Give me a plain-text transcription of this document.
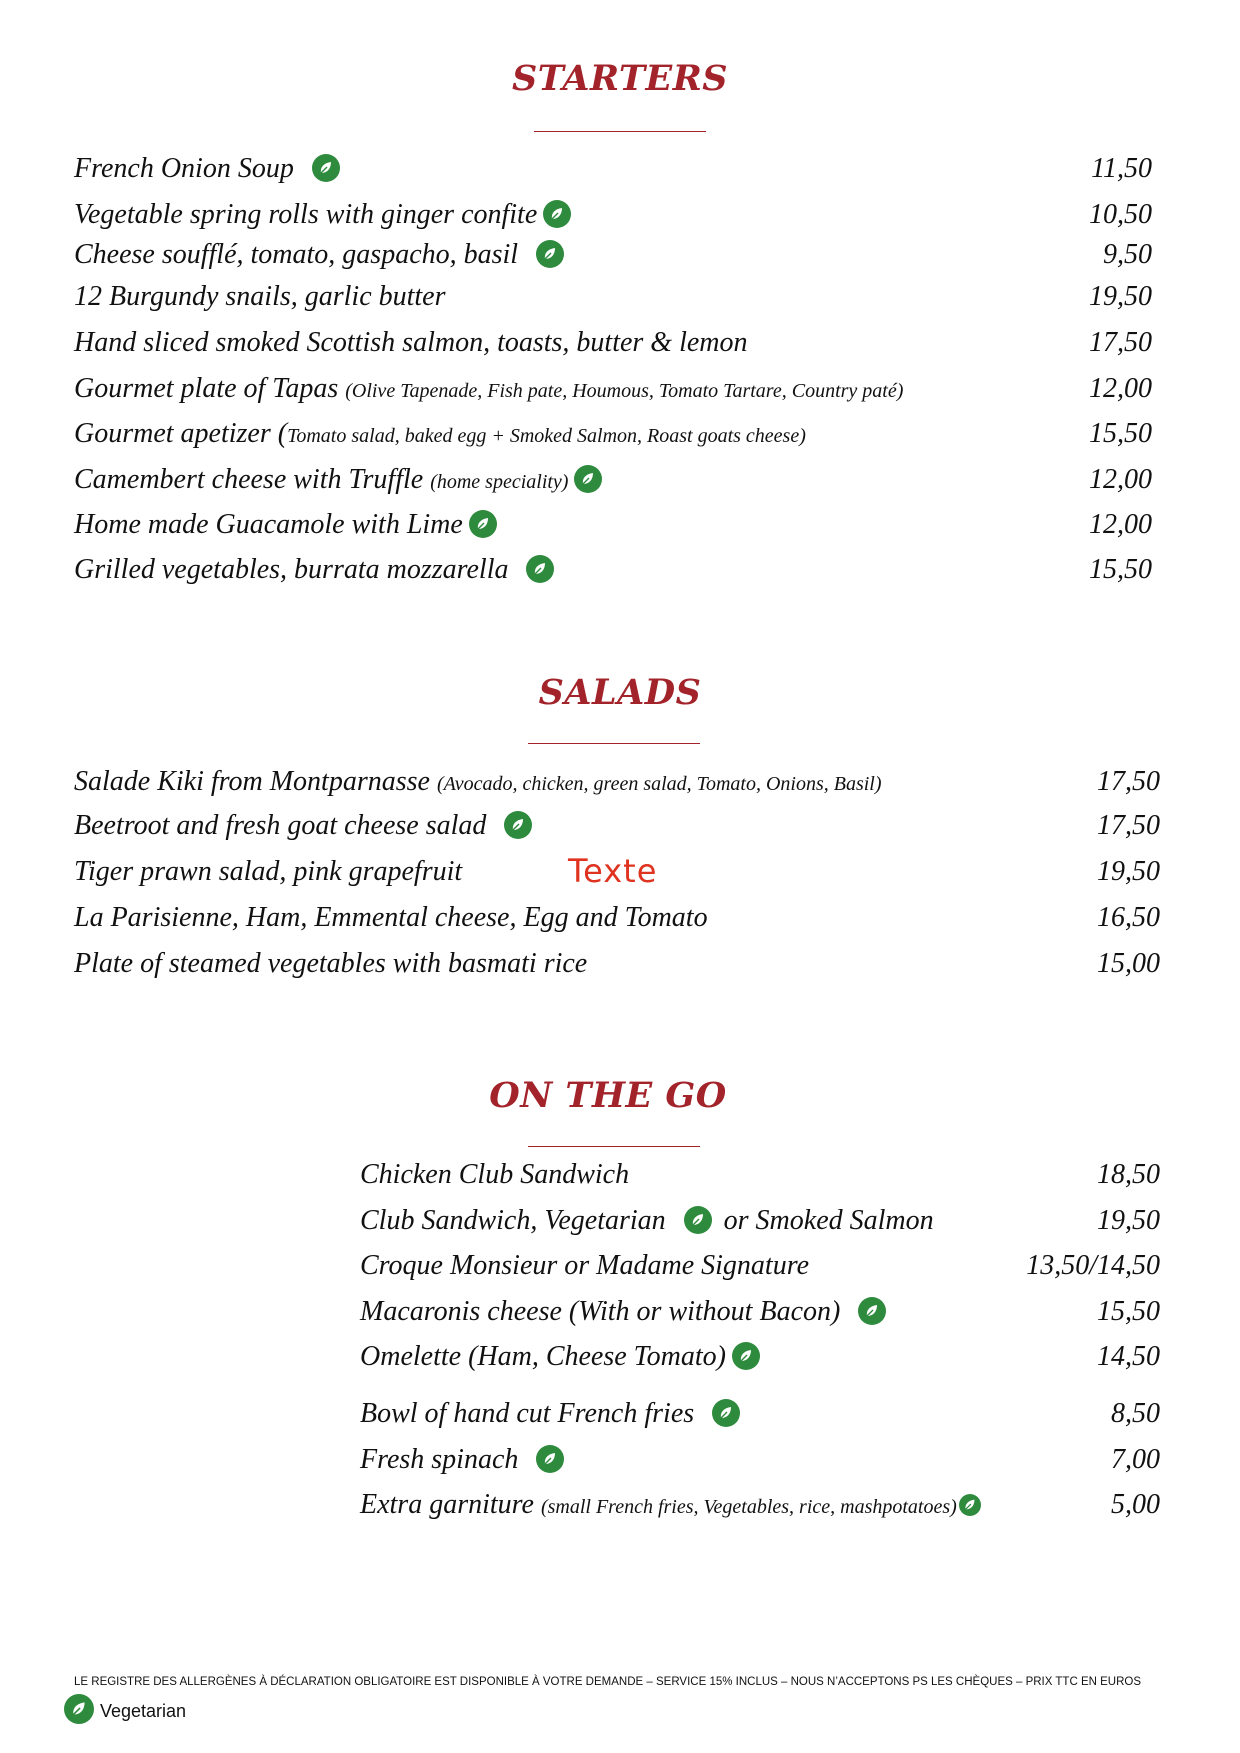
STARTERS
French Onion Soup	11,50
Vegetable spring rolls with ginger confite	10,50
Cheese soufflé, tomato, gaspacho, basil	9,50
12 Burgundy snails, garlic butter	19,50
Hand sliced smoked Scottish salmon, toasts, butter & lemon	17,50
Gourmet plate of Tapas (Olive Tapenade, Fish pate, Houmous, Tomato Tartare, Country paté)	12,00
Gourmet apetizer (Tomato salad, baked egg + Smoked Salmon, Roast goats cheese)	15,50
Camembert cheese with Truffle (home speciality)	12,00
Home made Guacamole with Lime	12,00
Grilled vegetables, burrata mozzarella	15,50
SALADS
Salade Kiki from Montparnasse (Avocado, chicken, green salad, Tomato, Onions, Basil)	17,50
Beetroot and fresh goat cheese salad	17,50
Tiger prawn salad, pink grapefruit	19,50
Texte
La Parisienne, Ham, Emmental cheese, Egg and Tomato	16,50
Plate of steamed vegetables with basmati rice	15,00
ON THE GO
Chicken Club Sandwich	18,50
Club Sandwich, Vegetarian or Smoked Salmon	19,50
Croque Monsieur or Madame Signature	13,50/14,50
Macaronis cheese (With or without Bacon)	15,50
Omelette (Ham, Cheese Tomato)	14,50
Bowl of hand cut French fries	8,50
Fresh spinach	7,00
Extra garniture (small French fries, Vegetables, rice, mashpotatoes)	5,00
LE REGISTRE DES ALLERGÈNES À DÉCLARATION OBLIGATOIRE EST DISPONIBLE À VOTRE DEMANDE – SERVICE 15% INCLUS – NOUS N’ACCEPTONS PS LES CHÈQUES – PRIX TTC EN EUROS
Vegetarian
